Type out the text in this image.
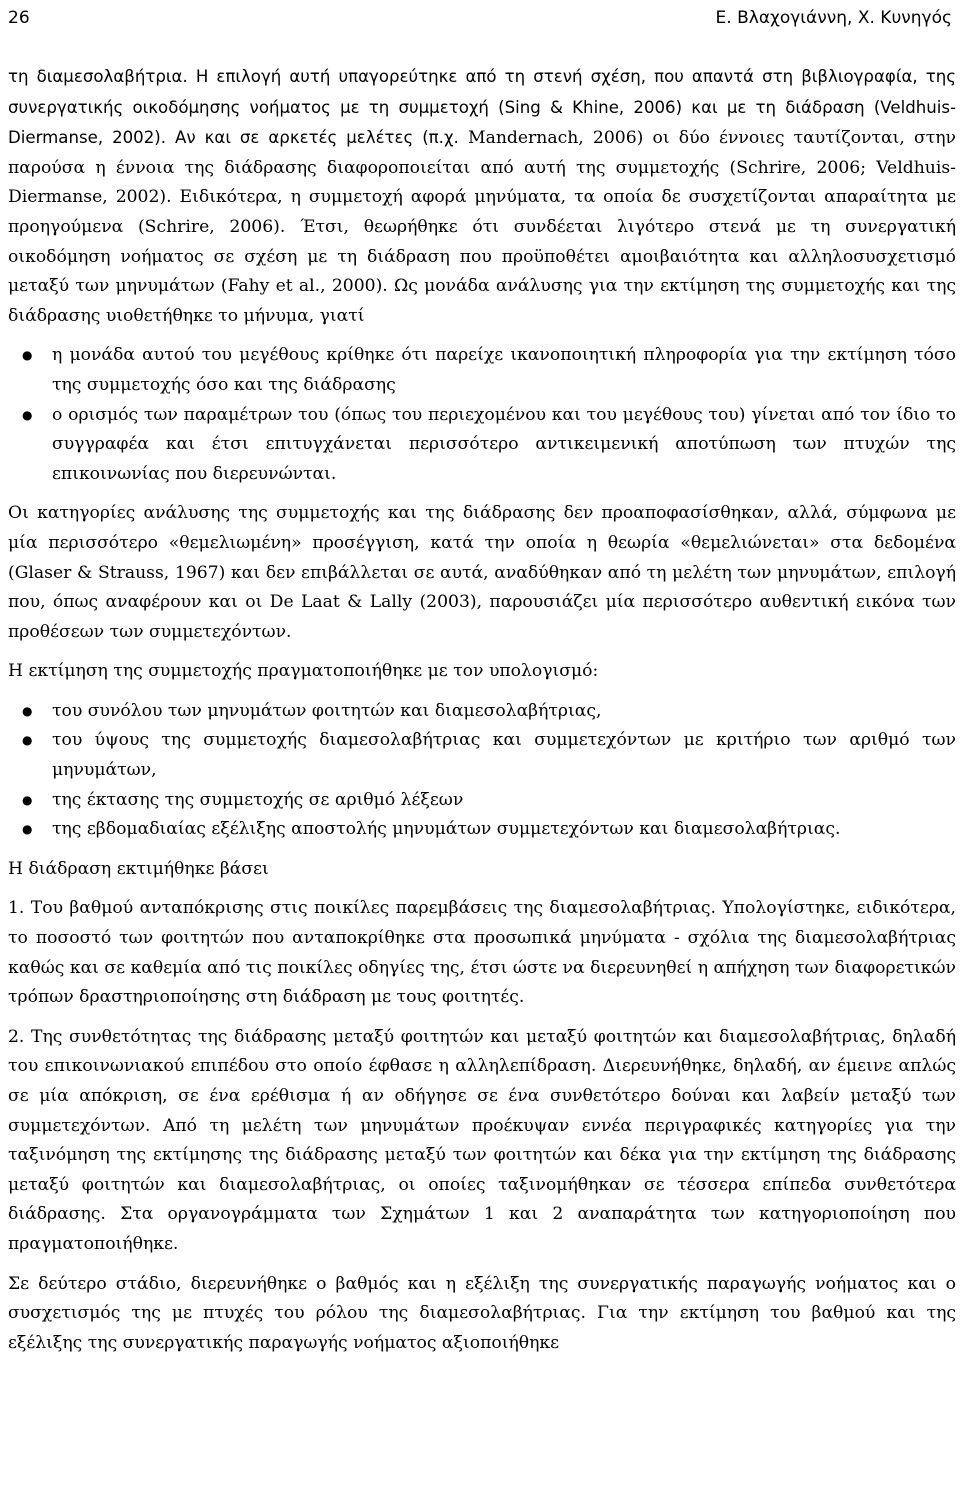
26	Ε. Βλαχογιάννη, Χ. Κυνηγός

τη διαμεσολαβήτρια. Η επιλογή αυτή υπαγορεύτηκε από τη στενή σχέση, που απαντά στη βιβλιογραφία, της συνεργατικής οικοδόμησης νοήματος με τη συμμετοχή (Sing & Khine, 2006) και με τη διάδραση (Veldhuis-Diermanse, 2002). Αν και σε αρκετές μελέτες (π.χ. Mandernach, 2006) οι δύο έννοιες ταυτίζονται, στην παρούσα η έννοια της διάδρασης διαφοροποιείται από αυτή της συμμετοχής (Schrire, 2006; Veldhuis-Diermanse, 2002). Ειδικότερα, η συμμετοχή αφορά μηνύματα, τα οποία δε συσχετίζονται απαραίτητα με προηγούμενα (Schrire, 2006). Έτσι, θεωρήθηκε ότι συνδέεται λιγότερο στενά με τη συνεργατική οικοδόμηση νοήματος σε σχέση με τη διάδραση που προϋποθέτει αμοιβαιότητα και αλληλοσυσχετισμό μεταξύ των μηνυμάτων (Fahy et al., 2000). Ως μονάδα ανάλυσης για την εκτίμηση της συμμετοχής και της διάδρασης υιοθετήθηκε το μήνυμα, γιατί

● η μονάδα αυτού του μεγέθους κρίθηκε ότι παρείχε ικανοποιητική πληροφορία για την εκτίμηση τόσο της συμμετοχής όσο και της διάδρασης
● ο ορισμός των παραμέτρων του (όπως του περιεχομένου και του μεγέθους του) γίνεται από τον ίδιο το συγγραφέα και έτσι επιτυγχάνεται περισσότερο αντικειμενική αποτύπωση των πτυχών της επικοινωνίας που διερευνώνται.

Οι κατηγορίες ανάλυσης της συμμετοχής και της διάδρασης δεν προαποφασίσθηκαν, αλλά, σύμφωνα με μία περισσότερο «θεμελιωμένη» προσέγγιση, κατά την οποία η θεωρία «θεμελιώνεται» στα δεδομένα (Glaser & Strauss, 1967) και δεν επιβάλλεται σε αυτά, αναδύθηκαν από τη μελέτη των μηνυμάτων, επιλογή που, όπως αναφέρουν και οι De Laat & Lally (2003), παρουσιάζει μία περισσότερο αυθεντική εικόνα των προθέσεων των συμμετεχόντων.

Η εκτίμηση της συμμετοχής πραγματοποιήθηκε με τον υπολογισμό:

● του συνόλου των μηνυμάτων φοιτητών και διαμεσολαβήτριας,
● του ύψους της συμμετοχής διαμεσολαβήτριας και συμμετεχόντων με κριτήριο των αριθμό των μηνυμάτων,
● της έκτασης της συμμετοχής σε αριθμό λέξεων
● της εβδομαδιαίας εξέλιξης αποστολής μηνυμάτων συμμετεχόντων και διαμεσολαβήτριας.

Η διάδραση εκτιμήθηκε βάσει

1. Του βαθμού ανταπόκρισης στις ποικίλες παρεμβάσεις της διαμεσολαβήτριας. Υπολογίστηκε, ειδικότερα, το ποσοστό των φοιτητών που ανταποκρίθηκε στα προσωπικά μηνύματα - σχόλια της διαμεσολαβήτριας καθώς και σε καθεμία από τις ποικίλες οδηγίες της, έτσι ώστε να διερευνηθεί η απήχηση των διαφορετικών τρόπων δραστηριοποίησης στη διάδραση με τους φοιτητές.

2. Της συνθετότητας της διάδρασης μεταξύ φοιτητών και μεταξύ φοιτητών και διαμεσολαβήτριας, δηλαδή του επικοινωνιακού επιπέδου στο οποίο έφθασε η αλληλεπίδραση. Διερευνήθηκε, δηλαδή, αν έμεινε απλώς σε μία απόκριση, σε ένα ερέθισμα ή αν οδήγησε σε ένα συνθετότερο δούναι και λαβείν μεταξύ των συμμετεχόντων. Από τη μελέτη των μηνυμάτων προέκυψαν εννέα περιγραφικές κατηγορίες για την ταξινόμηση της εκτίμησης της διάδρασης μεταξύ των φοιτητών και δέκα για την εκτίμηση της διάδρασης μεταξύ φοιτητών και διαμεσολαβήτριας, οι οποίες ταξινομήθηκαν σε τέσσερα επίπεδα συνθετότερα διάδρασης. Στα οργανογράμματα των Σχημάτων 1 και 2 αναπαράτητα των κατηγοριοποίηση που πραγματοποιήθηκε.

Σε δεύτερο στάδιο, διερευνήθηκε ο βαθμός και η εξέλιξη της συνεργατικής παραγωγής νοήματος και ο συσχετισμός της με πτυχές του ρόλου της διαμεσολαβήτριας. Για την εκτίμηση του βαθμού και της εξέλιξης της συνεργατικής παραγωγής νοήματος αξιοποιήθηκε
